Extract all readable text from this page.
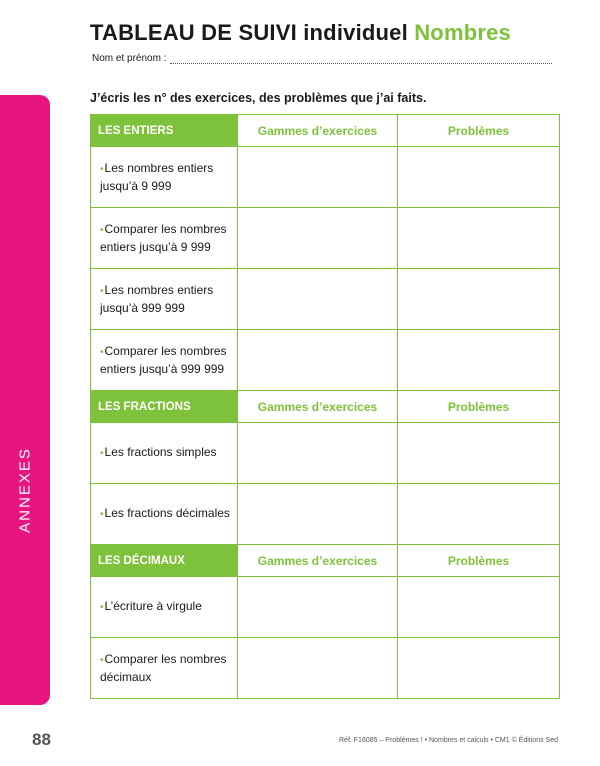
TABLEAU DE SUIVI individuel Nombres
Nom et prénom :
ANNEXES
J’écris les n° des exercices, des problèmes que j’ai faits.
LES ENTIERS	Gammes d’exercices	Problèmes
•Les nombres entiers
jusqu’à 9 999		
•Comparer les nombres
entiers jusqu’à 9 999		
•Les nombres entiers
jusqu’à 999 999		
•Comparer les nombres
entiers jusqu’à 999 999		
LES FRACTIONS	Gammes d’exercices	Problèmes
•Les fractions simples		
•Les fractions décimales		
LES DÉCIMAUX	Gammes d’exercices	Problèmes
•L’écriture à virgule		
•Comparer les nombres
décimaux		
88	Réf. F16085 – Problèmes ! • Nombres et calculs • CM1 © Éditions Sed
